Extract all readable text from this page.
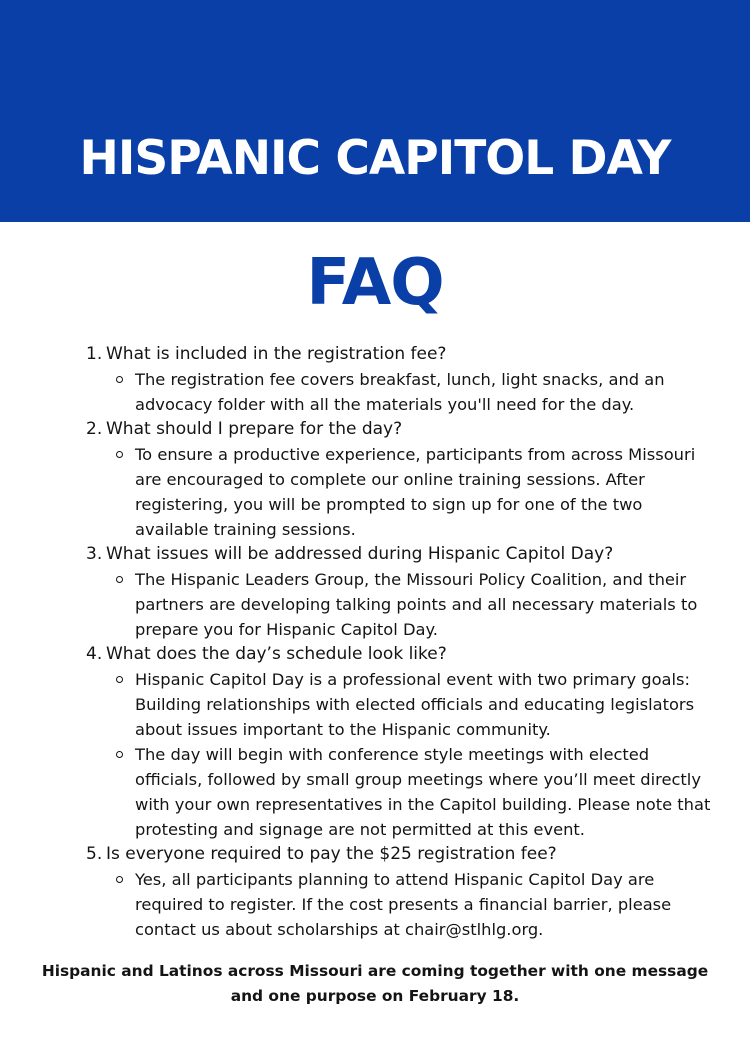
HISPANIC CAPITOL DAY
FAQ
1. What is included in the registration fee?
The registration fee covers breakfast, lunch, light snacks, and an
advocacy folder with all the materials you'll need for the day.
2. What should I prepare for the day?
To ensure a productive experience, participants from across Missouri
are encouraged to complete our online training sessions. After
registering, you will be prompted to sign up for one of the two
available training sessions.
3. What issues will be addressed during Hispanic Capitol Day?
The Hispanic Leaders Group, the Missouri Policy Coalition, and their
partners are developing talking points and all necessary materials to
prepare you for Hispanic Capitol Day.
4. What does the day’s schedule look like?
Hispanic Capitol Day is a professional event with two primary goals:
Building relationships with elected officials and educating legislators
about issues important to the Hispanic community.
The day will begin with conference style meetings with elected
officials, followed by small group meetings where you’ll meet directly
with your own representatives in the Capitol building. Please note that
protesting and signage are not permitted at this event.
5. Is everyone required to pay the $25 registration fee?
Yes, all participants planning to attend Hispanic Capitol Day are
required to register. If the cost presents a financial barrier, please
contact us about scholarships at chair@stlhlg.org.
Hispanic and Latinos across Missouri are coming together with one message
and one purpose on February 18.
